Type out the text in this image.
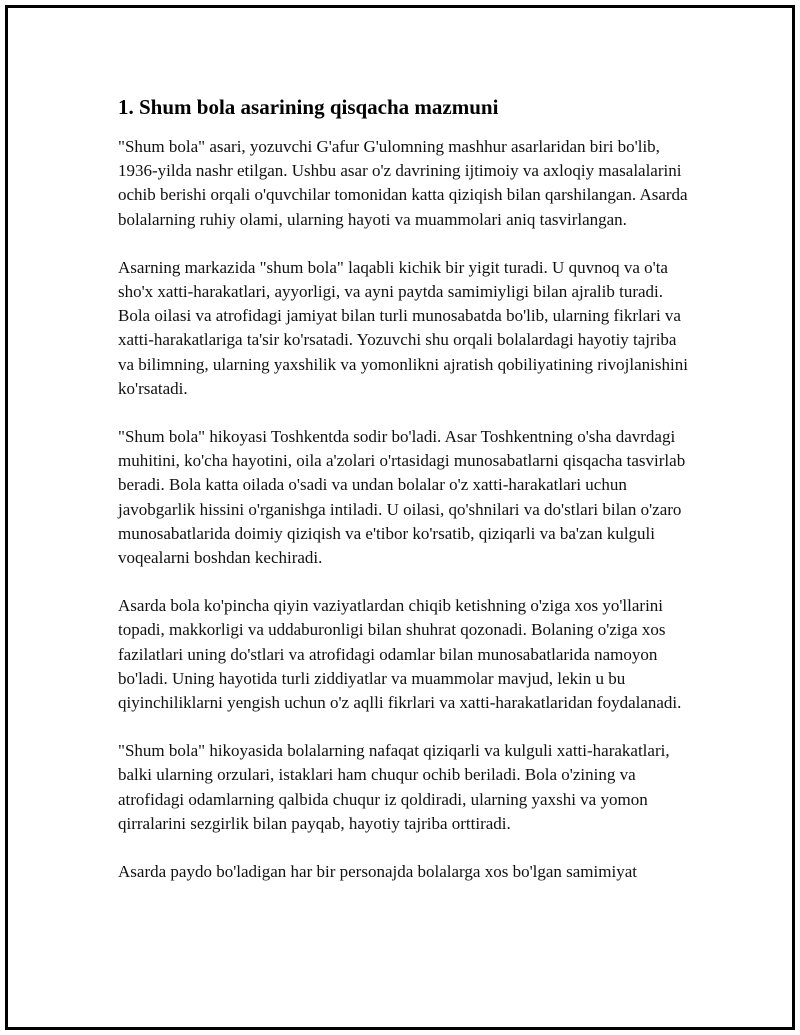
1. Shum bola asarining qisqacha mazmuni

"Shum bola" asari, yozuvchi G'afur G'ulomning mashhur asarlaridan biri bo'lib, 1936-yilda nashr etilgan. Ushbu asar o'z davrining ijtimoiy va axloqiy masalalarini ochib berishi orqali o'quvchilar tomonidan katta qiziqish bilan qarshilangan. Asarda bolalarning ruhiy olami, ularning hayoti va muammolari aniq tasvirlangan.

Asarning markazida "shum bola" laqabli kichik bir yigit turadi. U quvnoq va o'ta sho'x xatti-harakatlari, ayyorligi, va ayni paytda samimiyligi bilan ajralib turadi. Bola oilasi va atrofidagi jamiyat bilan turli munosabatda bo'lib, ularning fikrlari va xatti-harakatlariga ta'sir ko'rsatadi. Yozuvchi shu orqali bolalardagi hayotiy tajriba va bilimning, ularning yaxshilik va yomonlikni ajratish qobiliyatining rivojlanishini ko'rsatadi.

"Shum bola" hikoyasi Toshkentda sodir bo'ladi. Asar Toshkentning o'sha davrdagi muhitini, ko'cha hayotini, oila a'zolari o'rtasidagi munosabatlarni qisqacha tasvirlab beradi. Bola katta oilada o'sadi va undan bolalar o'z xatti-harakatlari uchun javobgarlik hissini o'rganishga intiladi. U oilasi, qo'shnilari va do'stlari bilan o'zaro munosabatlarida doimiy qiziqish va e'tibor ko'rsatib, qiziqarli va ba'zan kulguli voqealarni boshdan kechiradi.

Asarda bola ko'pincha qiyin vaziyatlardan chiqib ketishning o'ziga xos yo'llarini topadi, makkorligi va uddaburonligi bilan shuhrat qozonadi. Bolaning o'ziga xos fazilatlari uning do'stlari va atrofidagi odamlar bilan munosabatlarida namoyon bo'ladi. Uning hayotida turli ziddiyatlar va muammolar mavjud, lekin u bu qiyinchiliklarni yengish uchun o'z aqlli fikrlari va xatti-harakatlaridan foydalanadi.

"Shum bola" hikoyasida bolalarning nafaqat qiziqarli va kulguli xatti-harakatlari, balki ularning orzulari, istaklari ham chuqur ochib beriladi. Bola o'zining va atrofidagi odamlarning qalbida chuqur iz qoldiradi, ularning yaxshi va yomon qirralarini sezgirlik bilan payqab, hayotiy tajriba orttiradi.

Asarda paydo bo'ladigan har bir personajda bolalarga xos bo'lgan samimiyat
